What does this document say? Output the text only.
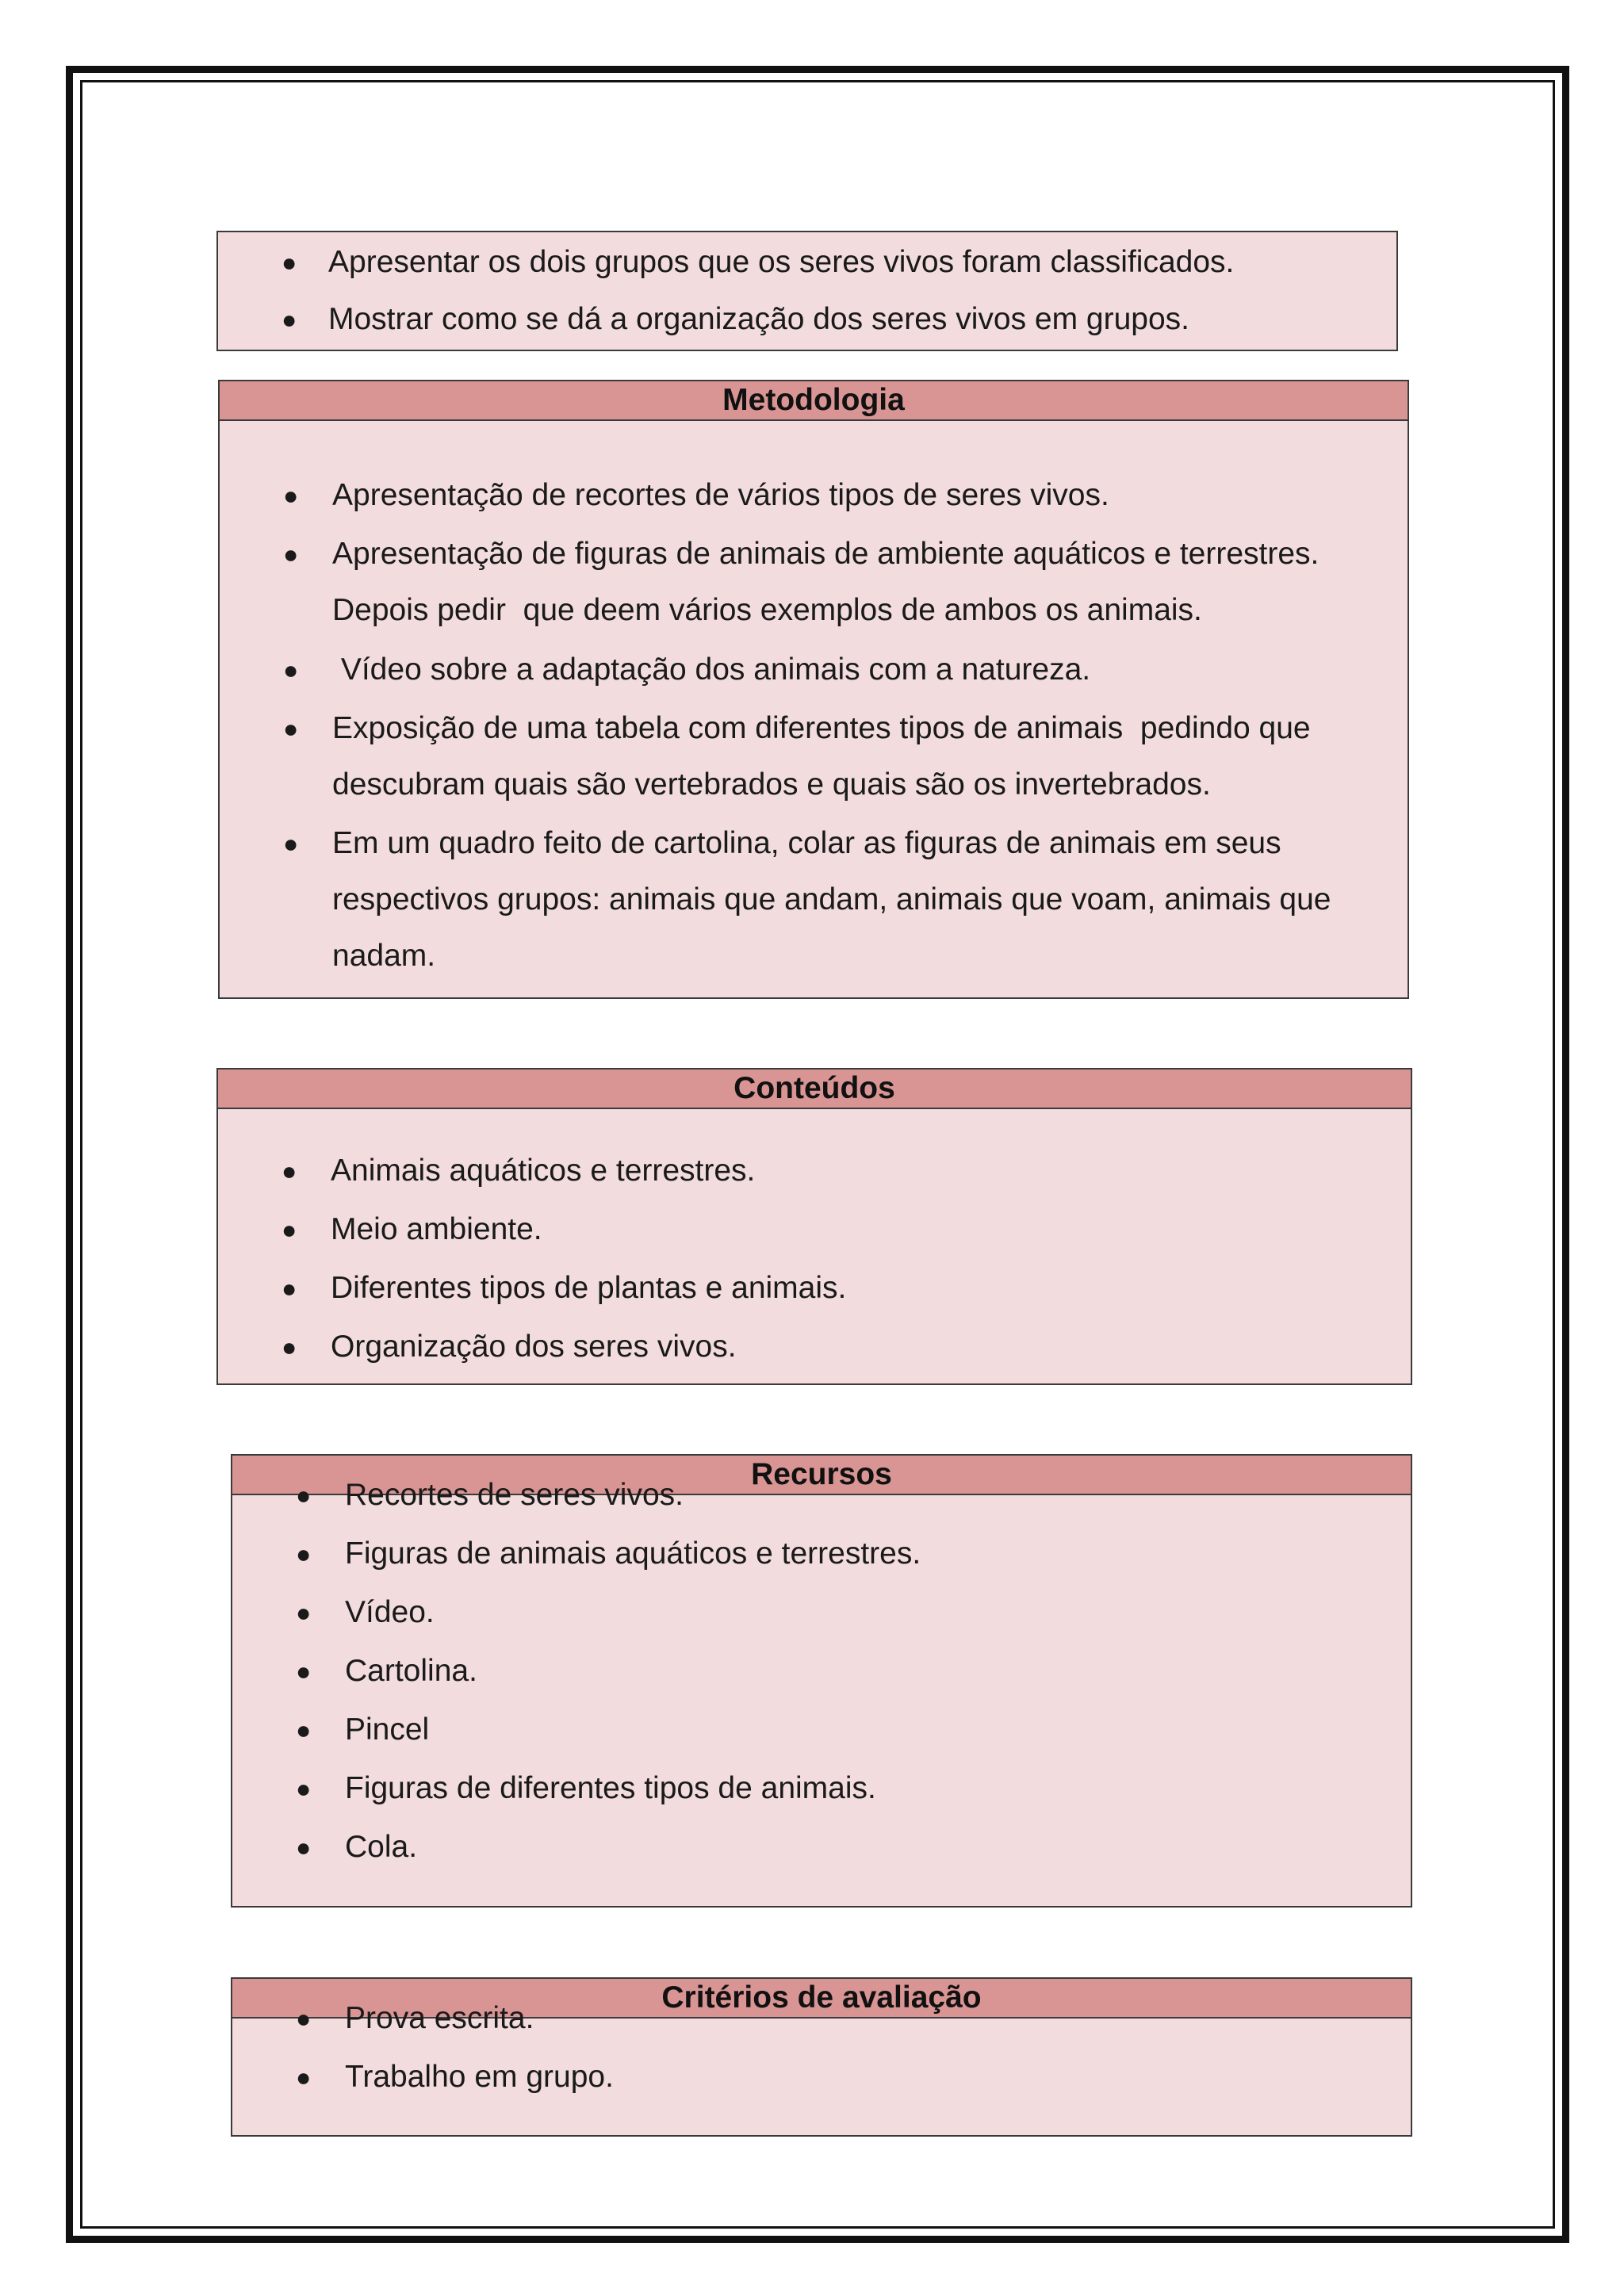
● Apresentar os dois grupos que os seres vivos foram classificados.
● Mostrar como se dá a organização dos seres vivos em grupos.
Metodologia
● Apresentação de recortes de vários tipos de seres vivos.
● Apresentação de figuras de animais de ambiente aquáticos e terrestres.
Depois pedir  que deem vários exemplos de ambos os animais.
● Vídeo sobre a adaptação dos animais com a natureza.
● Exposição de uma tabela com diferentes tipos de animais  pedindo que
descubram quais são vertebrados e quais são os invertebrados.
● Em um quadro feito de cartolina, colar as figuras de animais em seus
respectivos grupos: animais que andam, animais que voam, animais que
nadam.
Conteúdos
● Animais aquáticos e terrestres.
● Meio ambiente.
● Diferentes tipos de plantas e animais.
● Organização dos seres vivos.
Recursos
● Recortes de seres vivos.
● Figuras de animais aquáticos e terrestres.
● Vídeo.
● Cartolina.
● Pincel
● Figuras de diferentes tipos de animais.
● Cola.
Critérios de avaliação
● Prova escrita.
● Trabalho em grupo.
